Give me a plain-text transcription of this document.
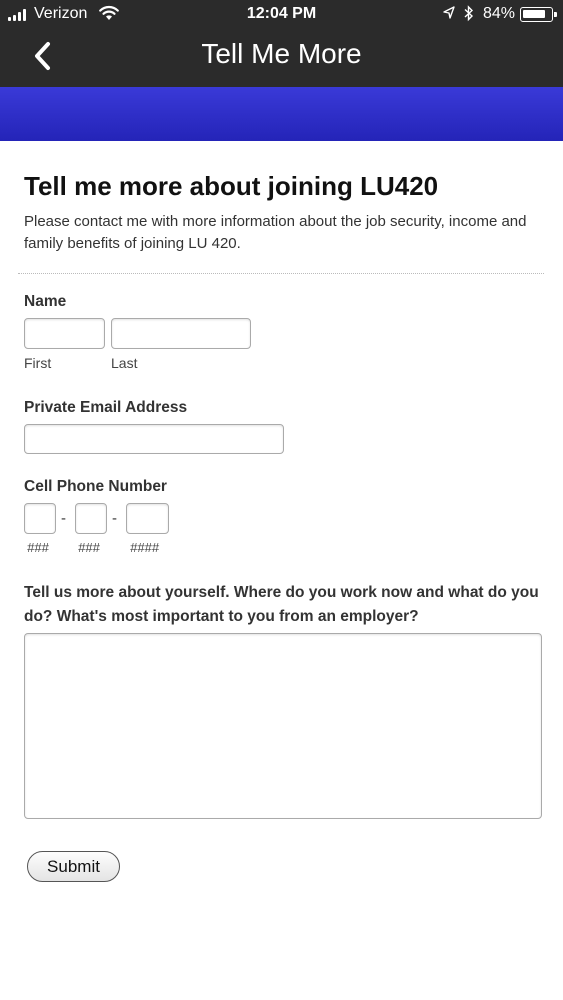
Verizon	12:04 PM	84%
Tell Me More
Tell me more about joining LU420

Please contact me with more information about the job security, income and family benefits of joining LU 420.

Name
First	Last
Private Email Address
Cell Phone Number
-	-
### ### ####
Tell us more about yourself. Where do you work now and what do you do? What's most important to you from an employer?
Submit
